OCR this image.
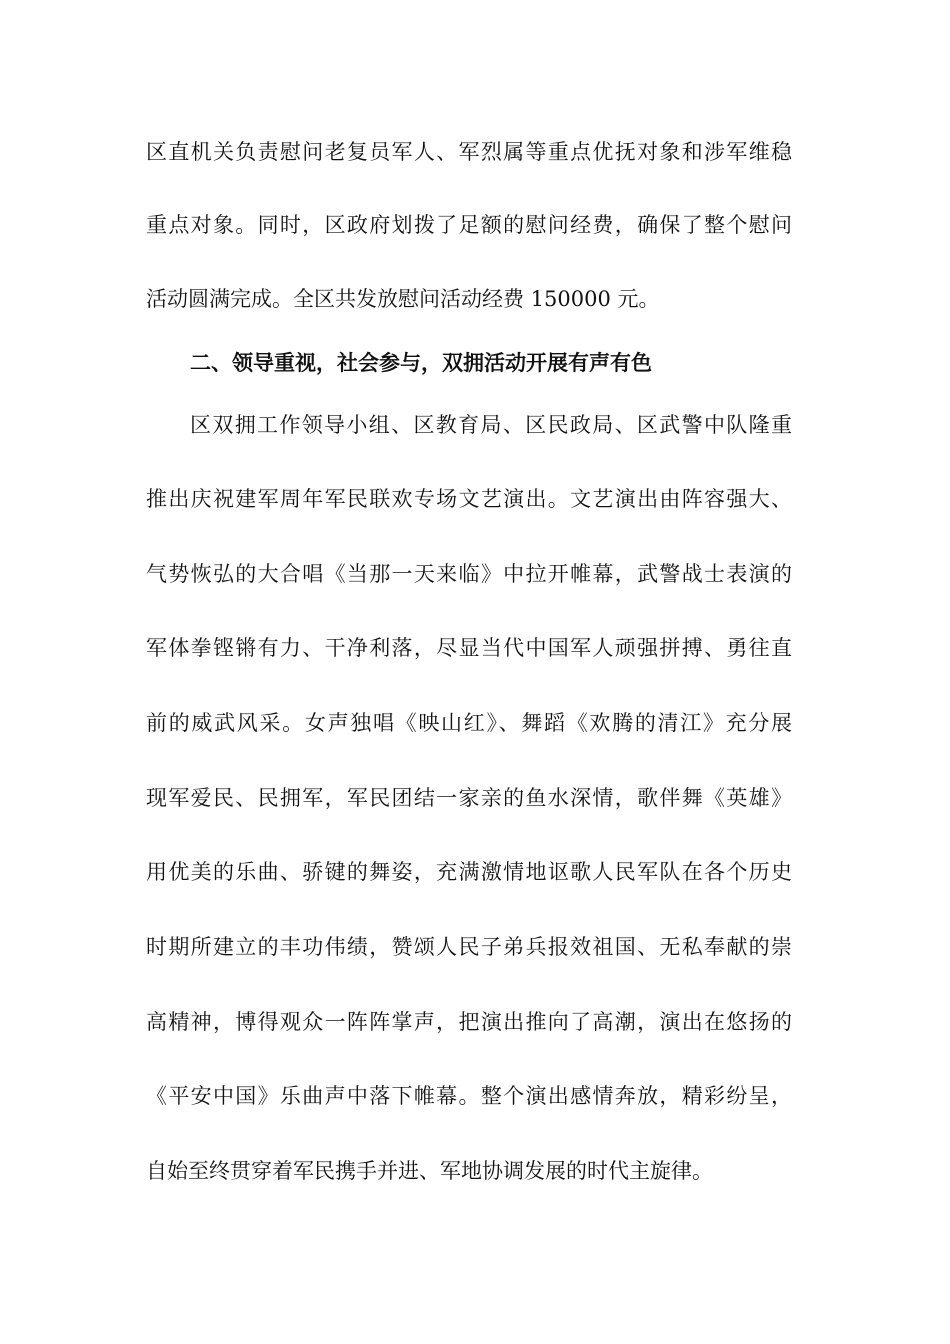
区直机关负责慰问老复员军人、军烈属等重点优抚对象和涉军维稳
重点对象。同时，区政府划拨了足额的慰问经费，确保了整个慰问
活动圆满完成。全区共发放慰问活动经费 150000 元。
二、领导重视，社会参与，双拥活动开展有声有色
区双拥工作领导小组、区教育局、区民政局、区武警中队隆重
推出庆祝建军周年军民联欢专场文艺演出。文艺演出由阵容强大、
气势恢弘的大合唱《当那一天来临》中拉开帷幕，武警战士表演的
军体拳铿锵有力、干净利落，尽显当代中国军人顽强拼搏、勇往直
前的威武风采。女声独唱《映山红》、舞蹈《欢腾的清江》充分展
现军爱民、民拥军，军民团结一家亲的鱼水深情，歌伴舞《英雄》
用优美的乐曲、骄键的舞姿，充满激情地讴歌人民军队在各个历史
时期所建立的丰功伟绩，赞颂人民子弟兵报效祖国、无私奉献的崇
高精神，博得观众一阵阵掌声，把演出推向了高潮，演出在悠扬的
《平安中国》乐曲声中落下帷幕。整个演出感情奔放，精彩纷呈，
自始至终贯穿着军民携手并进、军地协调发展的时代主旋律。
